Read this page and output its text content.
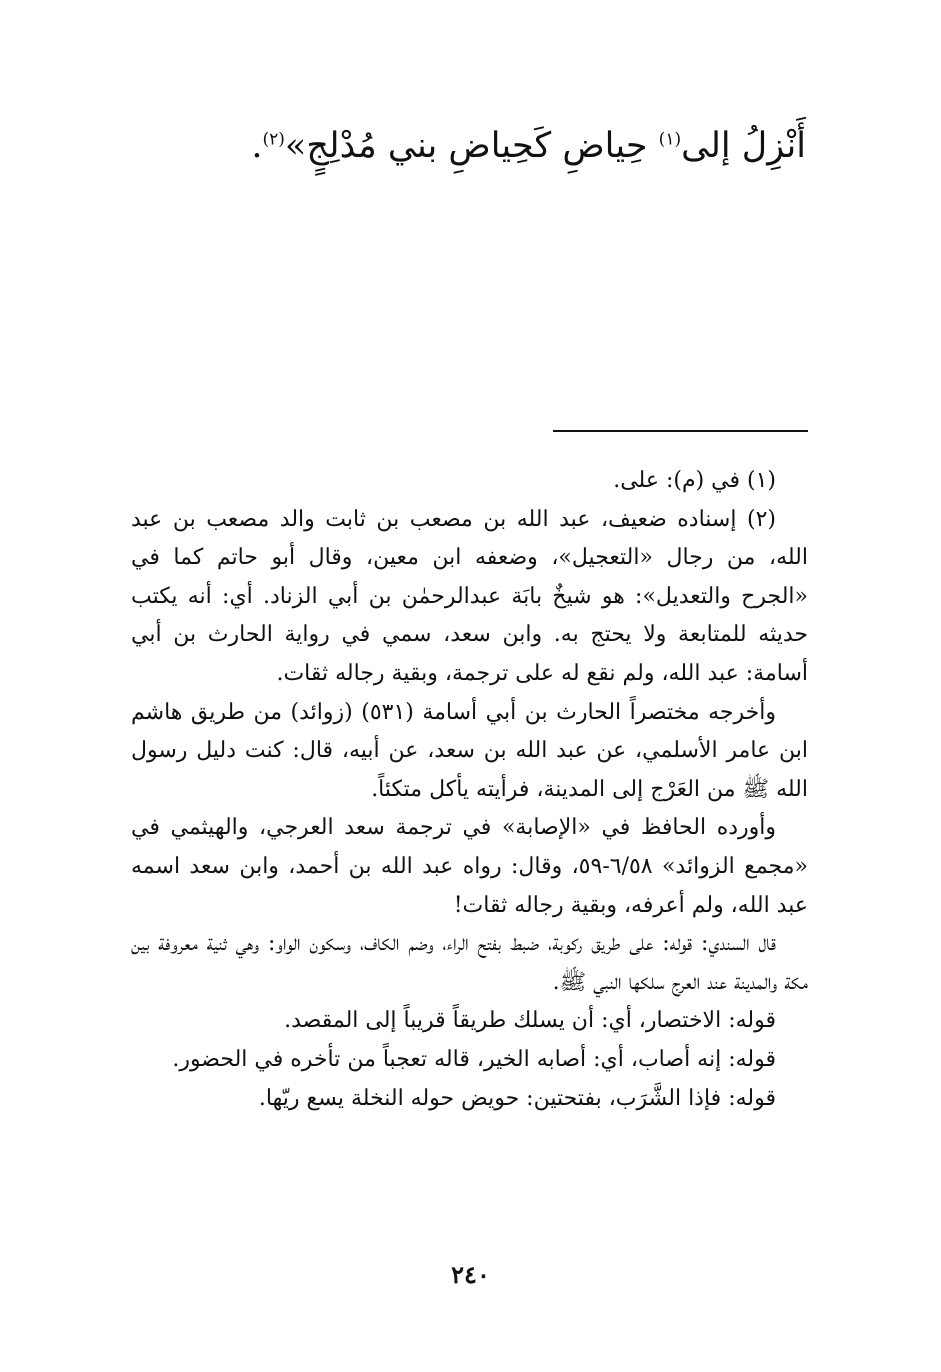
أَنْزِلُ إلى$^{(١)}$ حِياضِ كَحِياضِ بني مُدْلِجٍ»$^{(٢)}$.

(١) في (م): على.

(٢) إسناده ضعيف، عبد الله بن مصعب بن ثابت والد مصعب بن عبد الله، من رجال «التعجيل»، وضعفه ابن معين، وقال أبو حاتم كما في «الجرح والتعديل»: هو شيخٌ بابَة عبدالرحمٰن بن أبي الزناد. أي: أنه يكتب حديثه للمتابعة ولا يحتج به. وابن سعد، سمي في رواية الحارث بن أبي أسامة: عبد الله، ولم نقع له على ترجمة، وبقية رجاله ثقات.

وأخرجه مختصراً الحارث بن أبي أسامة (٥٣١) (زوائد) من طريق هاشم ابن عامر الأسلمي، عن عبد الله بن سعد، عن أبيه، قال: كنت دليل رسول الله ﷺ من العَرْج إلى المدينة، فرأيته يأكل متكئاً.

وأورده الحافظ في «الإصابة» في ترجمة سعد العرجي، والهيثمي في «مجمع الزوائد» ٦/٥٨-٥٩، وقال: رواه عبد الله بن أحمد، وابن سعد اسمه عبد الله، ولم أعرفه، وبقية رجاله ثقات!

قال السندي: قوله: على طريق ركوبة، ضبط بفتح الراء، وضم الكاف، وسكون الواو: وهي ثنية معروفة بين مكة والمدينة عند العرج سلكها النبي ﷺ.

قوله: الاختصار، أي: أن يسلك طريقاً قريباً إلى المقصد.

قوله: إنه أصاب، أي: أصابه الخير، قاله تعجباً من تأخره في الحضور.

قوله: فإذا الشَّرَب، بفتحتين: حويض حوله النخلة يسع ريّها.

٢٤٠
